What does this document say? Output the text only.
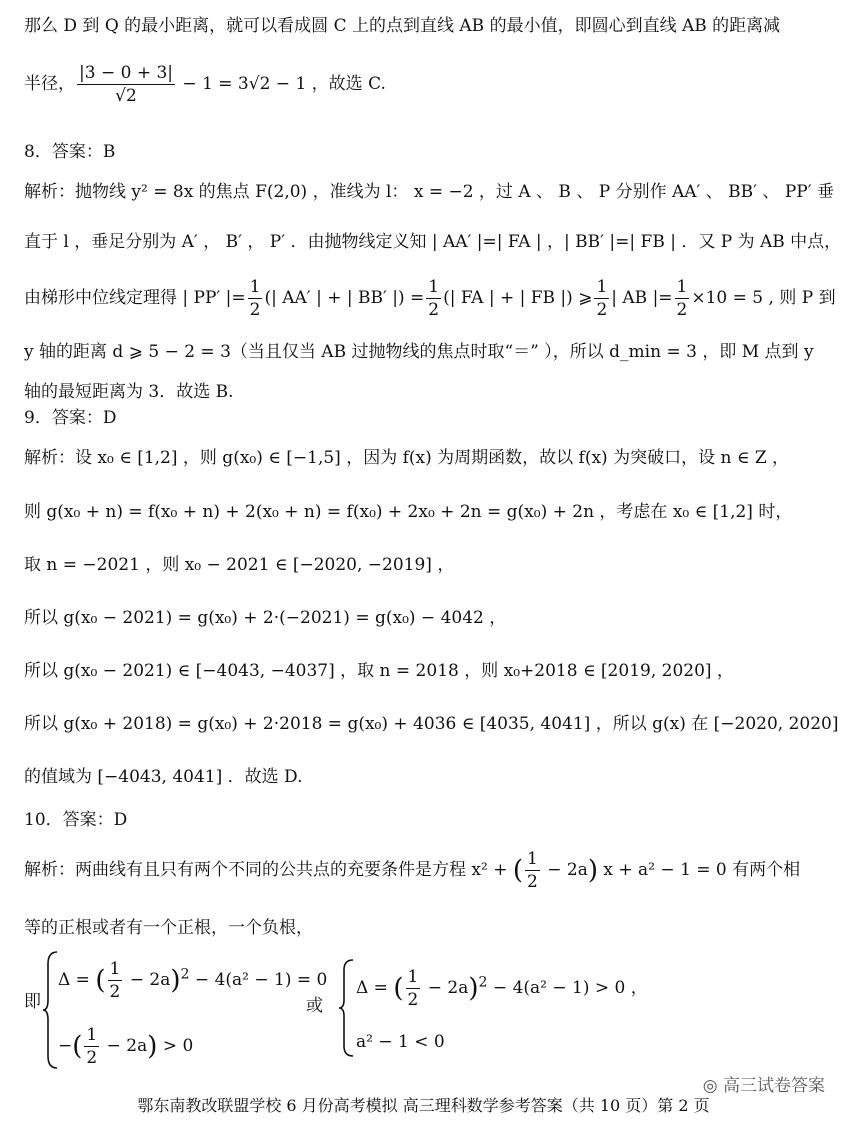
那么 D 到 Q 的最小距离，就可以看成圆 C 上的点到直线 AB 的最小值，即圆心到直线 AB 的距离减
半径， $\frac{|3 - 0 + 3|}{√2} - 1 = 3√2 - 1$ ，故选 C.
8．答案：B
解析：抛物线 y² = 8x 的焦点 F(2,0) ，准线为 l： x = −2 ，过 A 、 B 、 P 分别作 AA′ 、 BB′ 、 PP′ 垂
直于 l ，垂足分别为 A′ ， B′ ， P′ ．由抛物线定义知 | AA′ |=| FA | ，| BB′ |=| FB | ．又 P 为 AB 中点，
由梯形中位线定理得 | PP′ |= $\frac{1}{2}$ (| AA′ | + | BB′ |) = $\frac{1}{2}$ (| FA | + | FB |) ⩾ $\frac{1}{2}$ | AB |= $\frac{1}{2} \times 10 = 5$ , 则 P 到
y 轴的距离 d ⩾ 5 − 2 = 3（当且仅当 AB 过抛物线的焦点时取“＝” ），所以 d_min = 3 ，即 M 点到 y
轴的最短距离为 3．故选 B.
9．答案：D
解析：设 x₀ ∈ [1,2] ，则 g(x₀) ∈ [−1,5] ，因为 f(x) 为周期函数，故以 f(x) 为突破口，设 n ∈ Z ，
则 g(x₀ + n) = f(x₀ + n) + 2(x₀ + n) = f(x₀) + 2x₀ + 2n = g(x₀) + 2n ，考虑在 x₀ ∈ [1,2] 时，
取 n = −2021 ，则 x₀ − 2021 ∈ [−2020, −2019] ，
所以 g(x₀ − 2021) = g(x₀) + 2·(−2021) = g(x₀) − 4042 ，
所以 g(x₀ − 2021) ∈ [−4043, −4037] ，取 n = 2018 ，则 x₀+2018 ∈ [2019, 2020] ，
所以 g(x₀ + 2018) = g(x₀) + 2·2018 = g(x₀) + 4036 ∈ [4035, 4041] ，所以 g(x) 在 [−2020, 2020]
的值域为 [−4043, 4041] ．故选 D.
10．答案：D
解析：两曲线有且只有两个不同的公共点的充要条件是方程 x² + ( $\frac{1}{2} - 2a$) x + a² − 1 = 0 有两个相
等的正根或者有一个正根，一个负根，
即
Δ = ( $\frac{1}{2} - 2a)^2 - 4(a^2 - 1) = 0$
−( $\frac{1}{2} - 2a) > 0$
或
Δ = ( $\frac{1}{2} - 2a)^2 - 4(a^2 - 1) > 0$ ，
a² − 1 < 0
◎ 高三试卷答案
鄂东南教改联盟学校 6 月份高考模拟 高三理科数学参考答案（共 10 页）第 2 页
